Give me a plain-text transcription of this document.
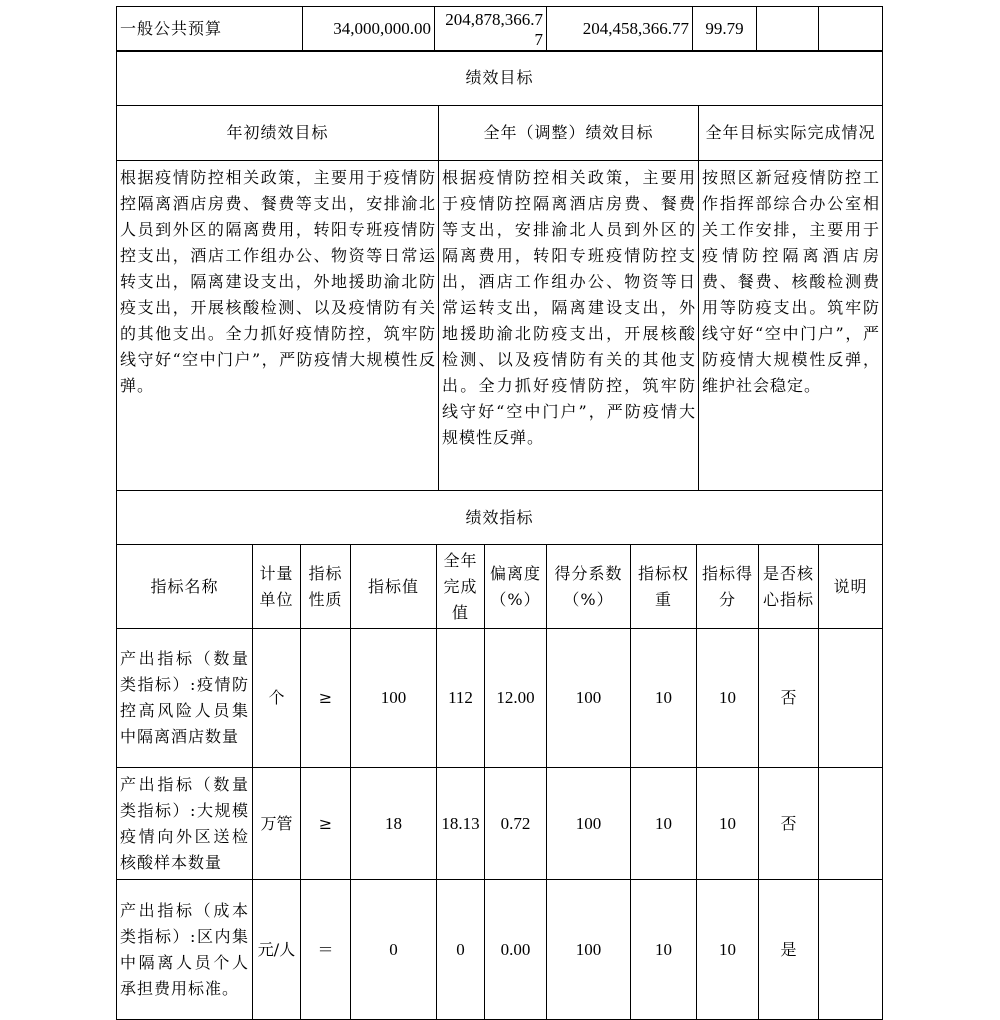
一般公共预算	34,000,000.00	204,878,366.77	204,458,366.77	99.79		
绩效目标		
年初绩效目标	全年（调整）绩效目标	全年目标实际完成情况
根据疫情防控相关政策，主要用于疫情防控隔离酒店房费、餐费等支出，安排渝北人员到外区的隔离费用，转阳专班疫情防控支出，酒店工作组办公、物资等日常运转支出，隔离建设支出，外地援助渝北防疫支出，开展核酸检测、以及疫情防有关的其他支出。全力抓好疫情防控，筑牢防线守好“空中门户”，严防疫情大规模性反弹。	根据疫情防控相关政策，主要用于疫情防控隔离酒店房费、餐费等支出，安排渝北人员到外区的隔离费用，转阳专班疫情防控支出，酒店工作组办公、物资等日常运转支出，隔离建设支出，外地援助渝北防疫支出，开展核酸检测、以及疫情防有关的其他支出。全力抓好疫情防控，筑牢防线守好“空中门户”，严防疫情大规模性反弹。	按照区新冠疫情防控工作指挥部综合办公室相关工作安排，主要用于疫情防控隔离酒店房费、餐费、核酸检测费用等防疫支出。筑牢防线守好“空中门户”，严防疫情大规模性反弹，维护社会稳定。
绩效指标										
指标名称	计量单位	指标性质	指标值	全年完成值	偏离度（%）	得分系数（%）	指标权重	指标得分	是否核心指标	说明
产出指标（数量类指标）:疫情防控高风险人员集中隔离酒店数量	个	≥	100	112	12.00	100	10	10	否	
产出指标（数量类指标）:大规模疫情向外区送检核酸样本数量	万管	≥	18	18.13	0.72	100	10	10	否	
产出指标（成本类指标）:区内集中隔离人员个人承担费用标准。	元/人	＝	0	0	0.00	100	10	10	是	
